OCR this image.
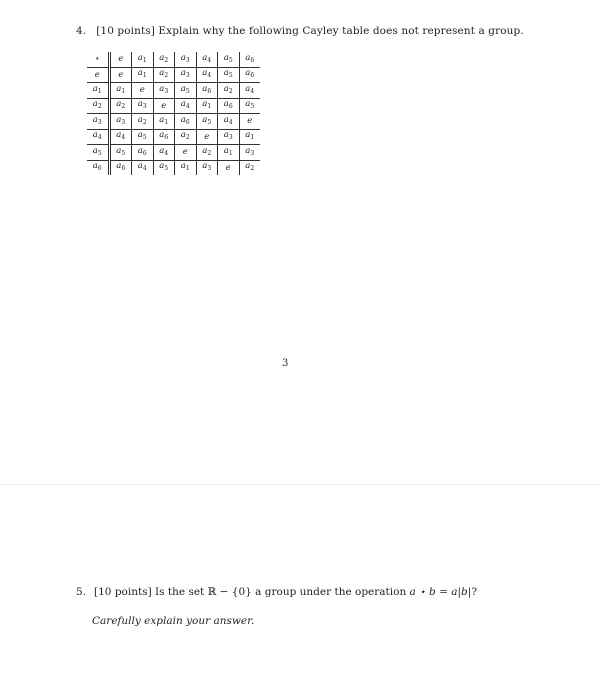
4. [10 points] Explain why the following Cayley table does not represent a group.
⋆	e	$a_1$	$a_2$	$a_3$	$a_4$	$a_5$	$a_6$
e	e	$a_1$	$a_2$	$a_3$	$a_4$	$a_5$	$a_6$
$a_1$	$a_1$	e	$a_3$	$a_5$	$a_6$	$a_2$	$a_4$
$a_2$	$a_2$	$a_3$	e	$a_4$	$a_1$	$a_6$	$a_5$
$a_3$	$a_3$	$a_2$	$a_1$	$a_6$	$a_5$	$a_4$	e
$a_4$	$a_4$	$a_5$	$a_6$	$a_2$	e	$a_3$	$a_1$
$a_5$	$a_5$	$a_6$	$a_4$	e	$a_2$	$a_1$	$a_3$
$a_6$	$a_6$	$a_4$	$a_5$	$a_1$	$a_3$	e	$a_2$
3
5. [10 points] Is the set ℝ − {0} a group under the operation a ⋆ b = a|b|?
Carefully explain your answer.
